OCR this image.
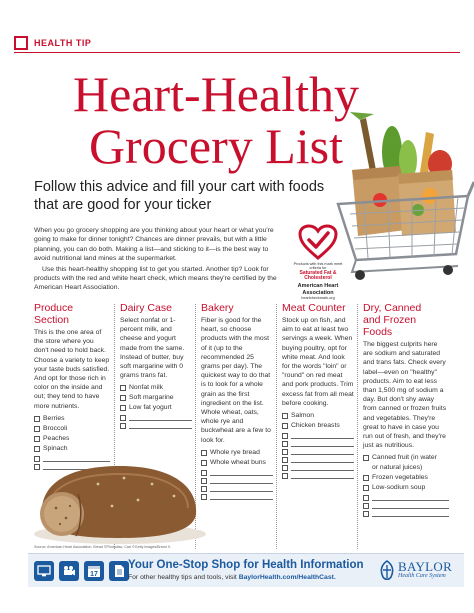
HEALTH TIP
Heart-Healthy
Grocery List
Follow this advice and fill your cart with foods that are good for your ticker

When you go grocery shopping are you thinking about your heart or what you're going to make for dinner tonight? Chances are dinner prevails, but with a little planning, you can do both. Making a list—and sticking to it—is the best way to avoid nutritional land mines at the supermarket.

Use this heart-healthy shopping list to get you started. Another tip? Look for products with the red and white heart check, which means they're certified by the American Heart Association.

Products with this mark meet criteria for
Saturated Fat &
Cholesterol
American Heart
Association
heartcheckmark.org
Produce
Section
This is the one area of the store where you don't need to hold back. Choose a variety to keep your taste buds satisfied. And opt for those rich in color on the inside and out; they tend to have more nutrients.
Berries
Broccoli
Peaches
Spinach
Dairy Case
Select nonfat or 1-percent milk, and cheese and yogurt made from the same. Instead of butter, buy soft margarine with 0 grams trans fat.
Nonfat milk
Soft margarine
Low fat yogurt
Bakery
Fiber is good for the heart, so choose products with the most of it (up to the recommended 25 grams per day). The quickest way to do that is to look for a whole grain as the first ingredient on the list. Whole wheat, oats, whole rye and buckwheat are a few to look for.
Whole rye bread
Whole wheat buns
Meat Counter
Stock up on fish, and aim to eat at least two servings a week. When buying poultry, opt for white meat. And look for the words "loin" or "round" on red meat and pork products. Trim excess fat from all meat before cooking.
Salmon
Chicken breasts
Dry, Canned
and Frozen
Foods
The biggest culprits here are sodium and saturated and trans fats. Check every label—even on "healthy" products. Aim to eat less than 1,500 mg of sodium a day. But don't shy away from canned or frozen fruits and vegetables. They're great to have in case you run out of fresh, and they're just as nutritious.
Canned fruit (in water
or natural juices)
Frozen vegetables
Low-sodium soup
Source: American Heart Association. Bread ©Photodisc; Cart ©Getty Images/Brand X.
17
Your One-Stop Shop for Health Information
For other healthy tips and tools, visit BaylorHealth.com/HealthCast.
BAYLOR
Health Care System
